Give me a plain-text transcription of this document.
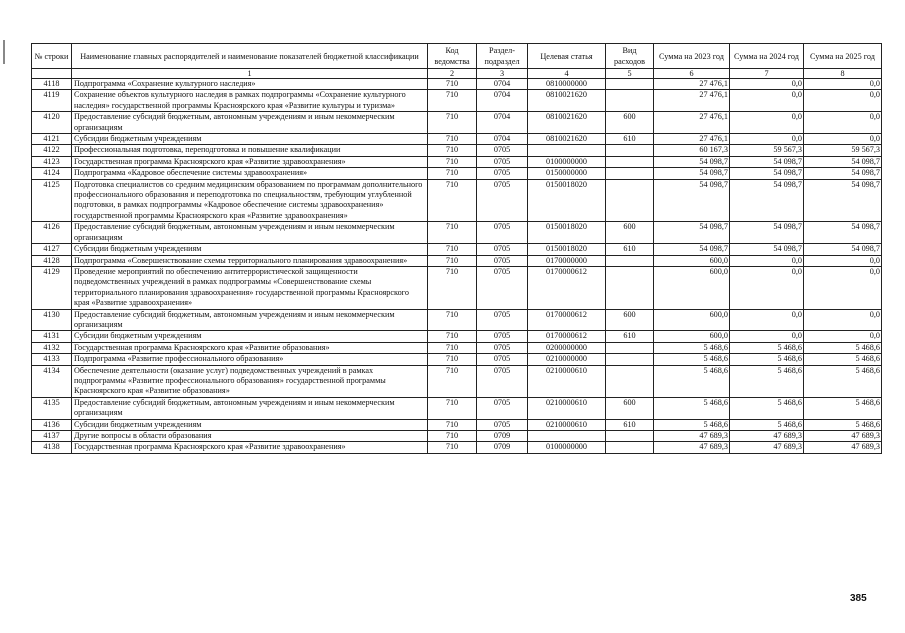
№ строки	Наименование главных распорядителей и наименование показателей бюджетной классификации	Код ведомства	Раздел-подраздел	Целевая статья	Вид расходов	Сумма на 2023 год	Сумма на 2024 год	Сумма на 2025 год
	1	2	3	4	5	6	7	8
4118	Подпрограмма «Сохранение культурного наследия»	710	0704	0810000000		27 476,1	0,0	0,0
4119	Сохранение объектов культурного наследия в рамках подпрограммы «Сохранение культурного наследия» государственной программы Красноярского края «Развитие культуры и туризма»	710	0704	0810021620		27 476,1	0,0	0,0
4120	Предоставление субсидий бюджетным, автономным учреждениям и иным некоммерческим организациям	710	0704	0810021620	600	27 476,1	0,0	0,0
4121	Субсидии бюджетным учреждениям	710	0704	0810021620	610	27 476,1	0,0	0,0
4122	Профессиональная подготовка, переподготовка и повышение квалификации	710	0705			60 167,3	59 567,3	59 567,3
4123	Государственная программа Красноярского края «Развитие здравоохранения»	710	0705	0100000000		54 098,7	54 098,7	54 098,7
4124	Подпрограмма «Кадровое обеспечение системы здравоохранения»	710	0705	0150000000		54 098,7	54 098,7	54 098,7
4125	Подготовка специалистов со средним медицинским образованием по программам дополнительного профессионального образования и переподготовка по специальностям, требующим углубленной подготовки, в рамках подпрограммы «Кадровое обеспечение системы здравоохранения» государственной программы Красноярского края «Развитие здравоохранения»	710	0705	0150018020		54 098,7	54 098,7	54 098,7
4126	Предоставление субсидий бюджетным, автономным учреждениям и иным некоммерческим организациям	710	0705	0150018020	600	54 098,7	54 098,7	54 098,7
4127	Субсидии бюджетным учреждениям	710	0705	0150018020	610	54 098,7	54 098,7	54 098,7
4128	Подпрограмма «Совершенствование схемы территориального планирования здравоохранения»	710	0705	0170000000		600,0	0,0	0,0
4129	Проведение мероприятий по обеспечению антитеррористической защищенности подведомственных учреждений в рамках подпрограммы «Совершенствование схемы территориального планирования здравоохранения» государственной программы Красноярского края «Развитие здравоохранения»	710	0705	0170000612		600,0	0,0	0,0
4130	Предоставление субсидий бюджетным, автономным учреждениям и иным некоммерческим организациям	710	0705	0170000612	600	600,0	0,0	0,0
4131	Субсидии бюджетным учреждениям	710	0705	0170000612	610	600,0	0,0	0,0
4132	Государственная программа Красноярского края «Развитие образования»	710	0705	0200000000		5 468,6	5 468,6	5 468,6
4133	Подпрограмма «Развитие профессионального образования»	710	0705	0210000000		5 468,6	5 468,6	5 468,6
4134	Обеспечение деятельности (оказание услуг) подведомственных учреждений в рамках подпрограммы «Развитие профессионального образования» государственной программы Красноярского края «Развитие образования»	710	0705	0210000610		5 468,6	5 468,6	5 468,6
4135	Предоставление субсидий бюджетным, автономным учреждениям и иным некоммерческим организациям	710	0705	0210000610	600	5 468,6	5 468,6	5 468,6
4136	Субсидии бюджетным учреждениям	710	0705	0210000610	610	5 468,6	5 468,6	5 468,6
4137	Другие вопросы в области образования	710	0709			47 689,3	47 689,3	47 689,3
4138	Государственная программа Красноярского края «Развитие здравоохранения»	710	0709	0100000000		47 689,3	47 689,3	47 689,3
385
